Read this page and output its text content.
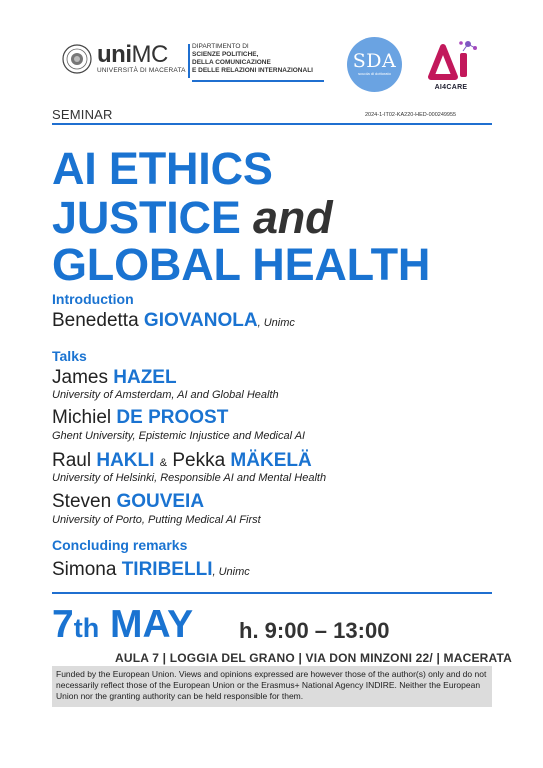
uniMC
UNIVERSITÀ DI MACERATA
DIPARTIMENTO DI
SCIENZE POLITICHE,
DELLA COMUNICAZIONE
E DELLE RELAZIONI INTERNAZIONALI	SDA
scuola di dottorato
AI4CARE
SEMINAR	2024-1-IT02-KA220-HED-000249955
AI ETHICS
JUSTICE and
GLOBAL HEALTH
Introduction
Benedetta GIOVANOLA, Unimc
Talks
James HAZEL
University of Amsterdam, AI and Global Health
Michiel DE PROOST
Ghent University, Epistemic Injustice and Medical AI
Raul HAKLI & Pekka MÄKELÄ
University of Helsinki, Responsible AI and Mental Health
Steven GOUVEIA
University of Porto, Putting Medical AI First
Concluding remarks
Simona TIRIBELLI, Unimc
7th MAY h. 9:00 – 13:00
AULA 7 | LOGGIA DEL GRANO | VIA DON MINZONI 22/ | MACERATA
Funded by the European Union. Views and opinions expressed are however those of the author(s) only and do not necessarily reflect those of the European Union or the Erasmus+ National Agency INDIRE. Neither the European Union nor the granting authority can be held responsible for them.
